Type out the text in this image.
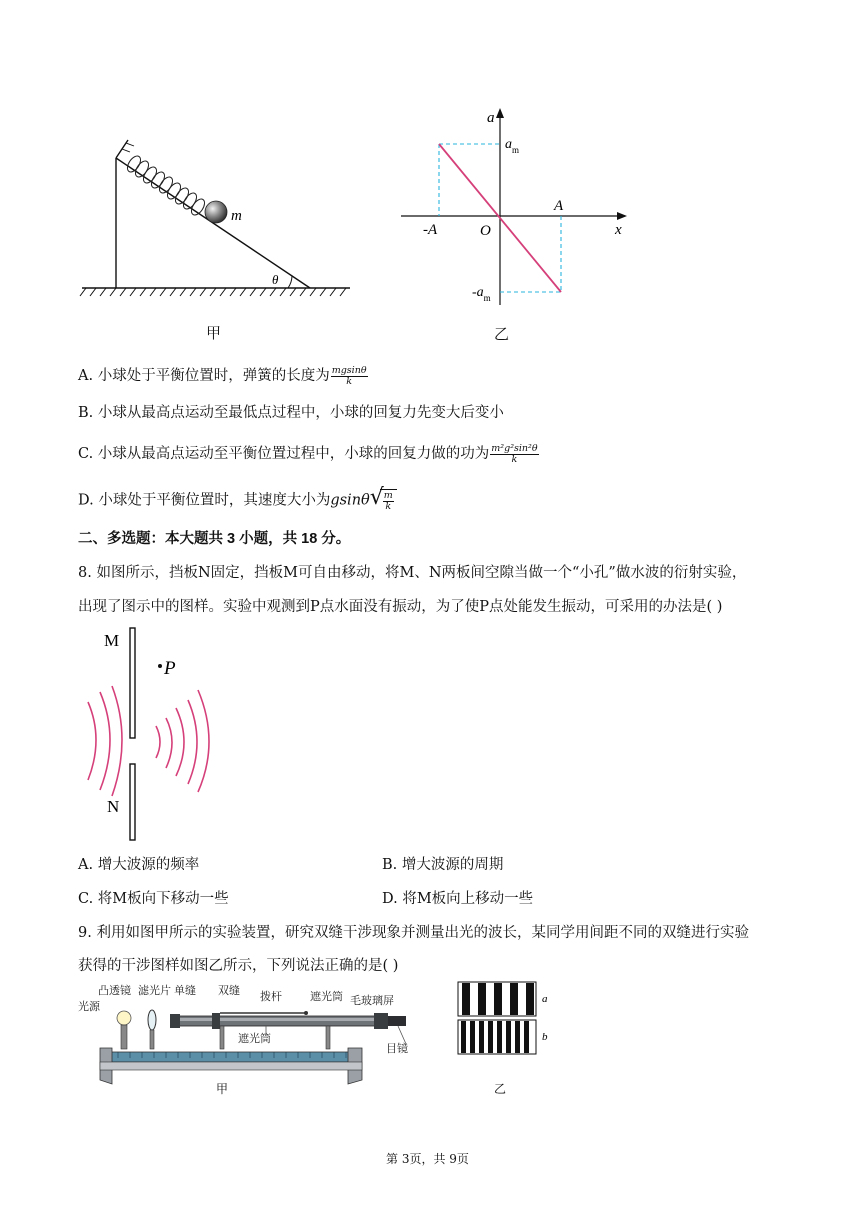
m
θ
甲
a
x
$a_m$
$-a_m$
A
-A	O
乙
A. 小球处于平衡位置时，弹簧的长度为 $\frac{mgsin\theta}{k}$
B. 小球从最高点运动至最低点过程中，小球的回复力先变大后变小
C. 小球从最高点运动至平衡位置过程中，小球的回复力做的功为 $\frac{\text{m²g²sin²θ}}{k}$
D. 小球处于平衡位置时，其速度大小为gsinθ √
$\frac{m}{k}$
二、多选题：本大题共 3 小题，共 18 分。
8. 如图所示，挡板N固定，挡板M可自由移动，将M、N两板间空隙当做一个“小孔”做水波的衍射实验，
出现了图示中的图样。实验中观测到P点水面没有振动，为了使P点处能发生振动，可采用的办法是( )
M
N
P
A. 增大波源的频率	B. 增大波源的周期
C. 将M板向下移动一些	D. 将M板向上移动一些
9. 利用如图甲所示的实验装置，研究双缝干涉现象并测量出光的波长，某同学用间距不同的双缝进行实验
获得的干涉图样如图乙所示，下列说法正确的是( )
凸透镜 滤光片 单缝 双缝 拨杆	遮光筒 毛玻璃屏
光源
遮光筒
目镜
甲
a
b
乙
第 3页，共 9页
